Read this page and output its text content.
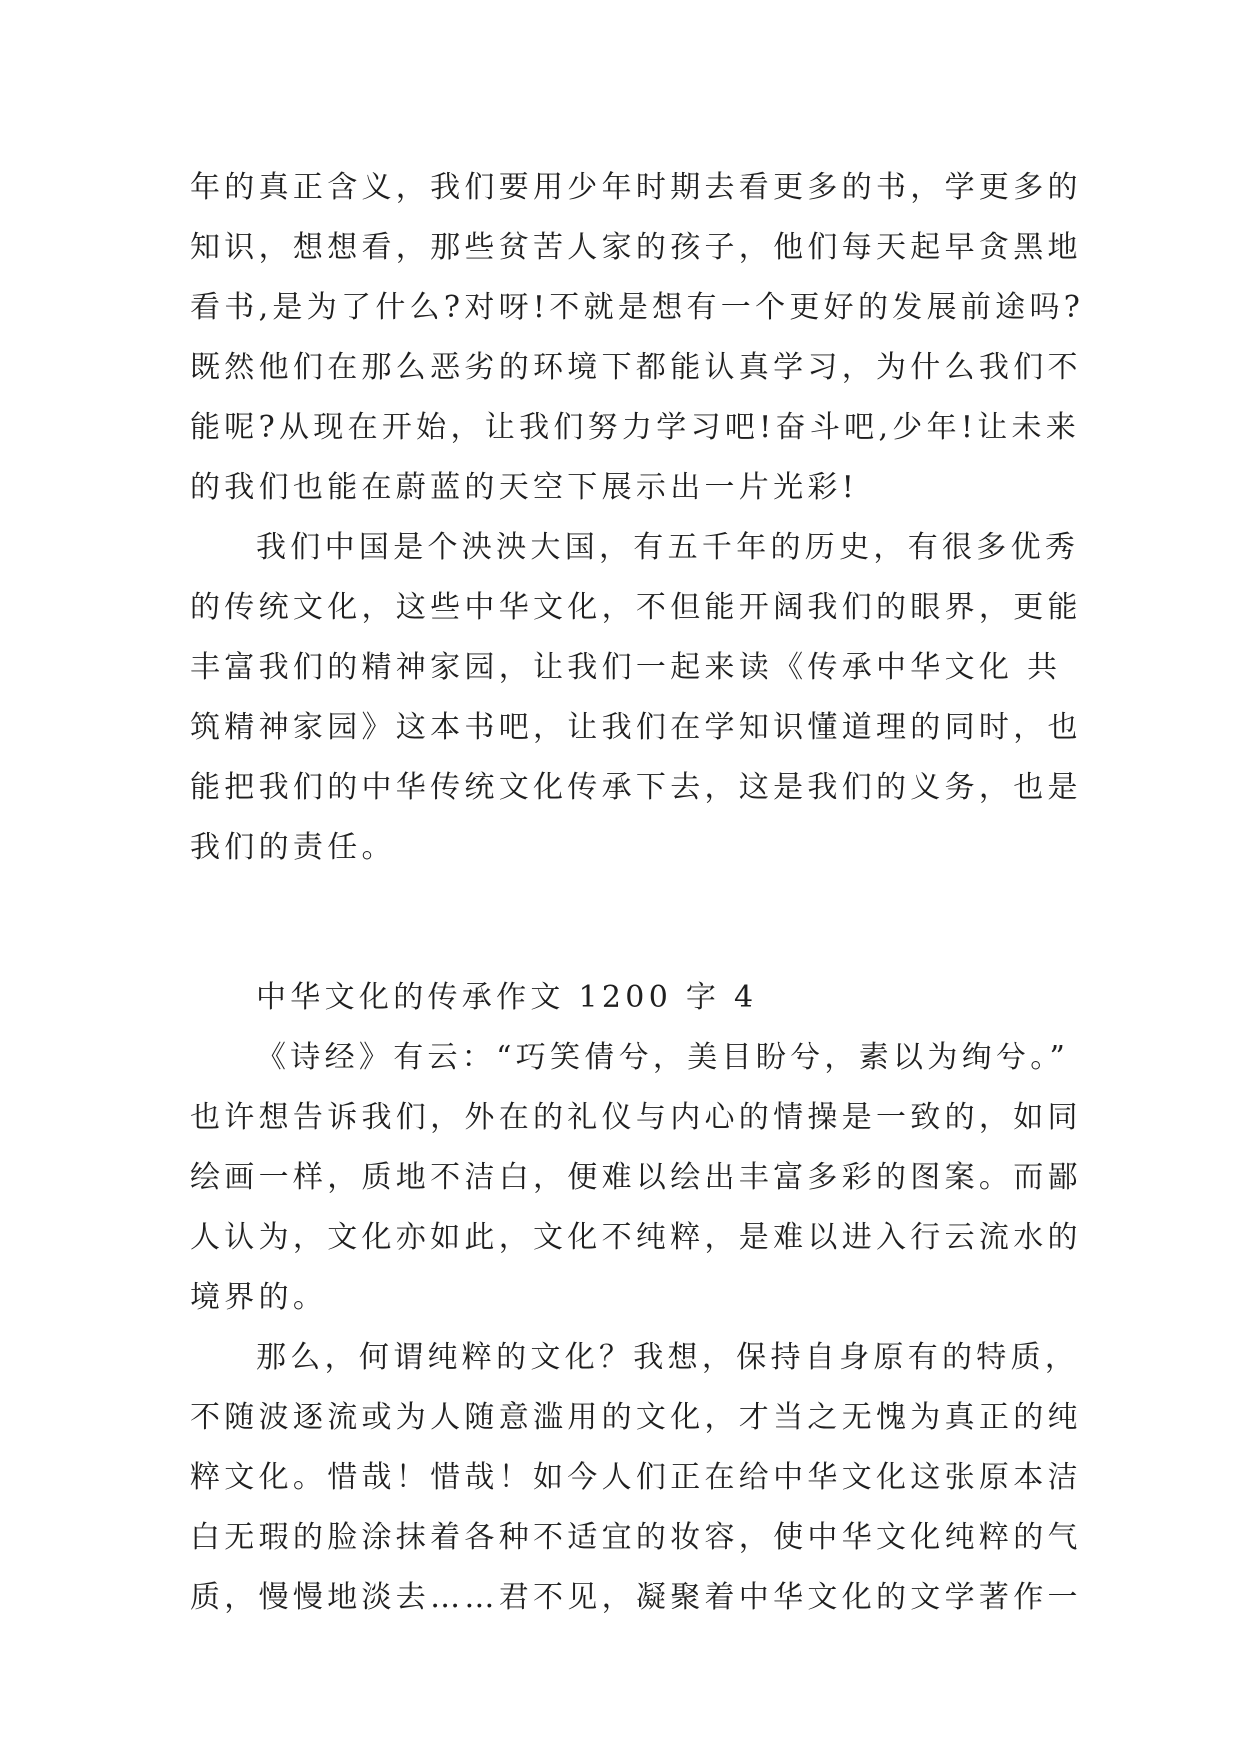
年的真正含义，我们要用少年时期去看更多的书，学更多的
知识，想想看，那些贫苦人家的孩子，他们每天起早贪黑地
看书,是为了什么?对呀!不就是想有一个更好的发展前途吗?
既然他们在那么恶劣的环境下都能认真学习，为什么我们不
能呢?从现在开始，让我们努力学习吧!奋斗吧,少年!让未来
的我们也能在蔚蓝的天空下展示出一片光彩!
我们中国是个泱泱大国，有五千年的历史，有很多优秀
的传统文化，这些中华文化，不但能开阔我们的眼界，更能
丰富我们的精神家园，让我们一起来读《传承中华文化 共
筑精神家园》这本书吧，让我们在学知识懂道理的同时，也
能把我们的中华传统文化传承下去，这是我们的义务，也是
我们的责任。
中华文化的传承作文 1200 字 4
《诗经》有云：“巧笑倩兮，美目盼兮，素以为绚兮。”
也许想告诉我们，外在的礼仪与内心的情操是一致的，如同
绘画一样，质地不洁白，便难以绘出丰富多彩的图案。而鄙
人认为，文化亦如此，文化不纯粹，是难以进入行云流水的
境界的。
那么，何谓纯粹的文化？我想，保持自身原有的特质，
不随波逐流或为人随意滥用的文化，才当之无愧为真正的纯
粹文化。惜哉！惜哉！如今人们正在给中华文化这张原本洁
白无瑕的脸涂抹着各种不适宜的妆容，使中华文化纯粹的气
质，慢慢地淡去……君不见，凝聚着中华文化的文学著作一
